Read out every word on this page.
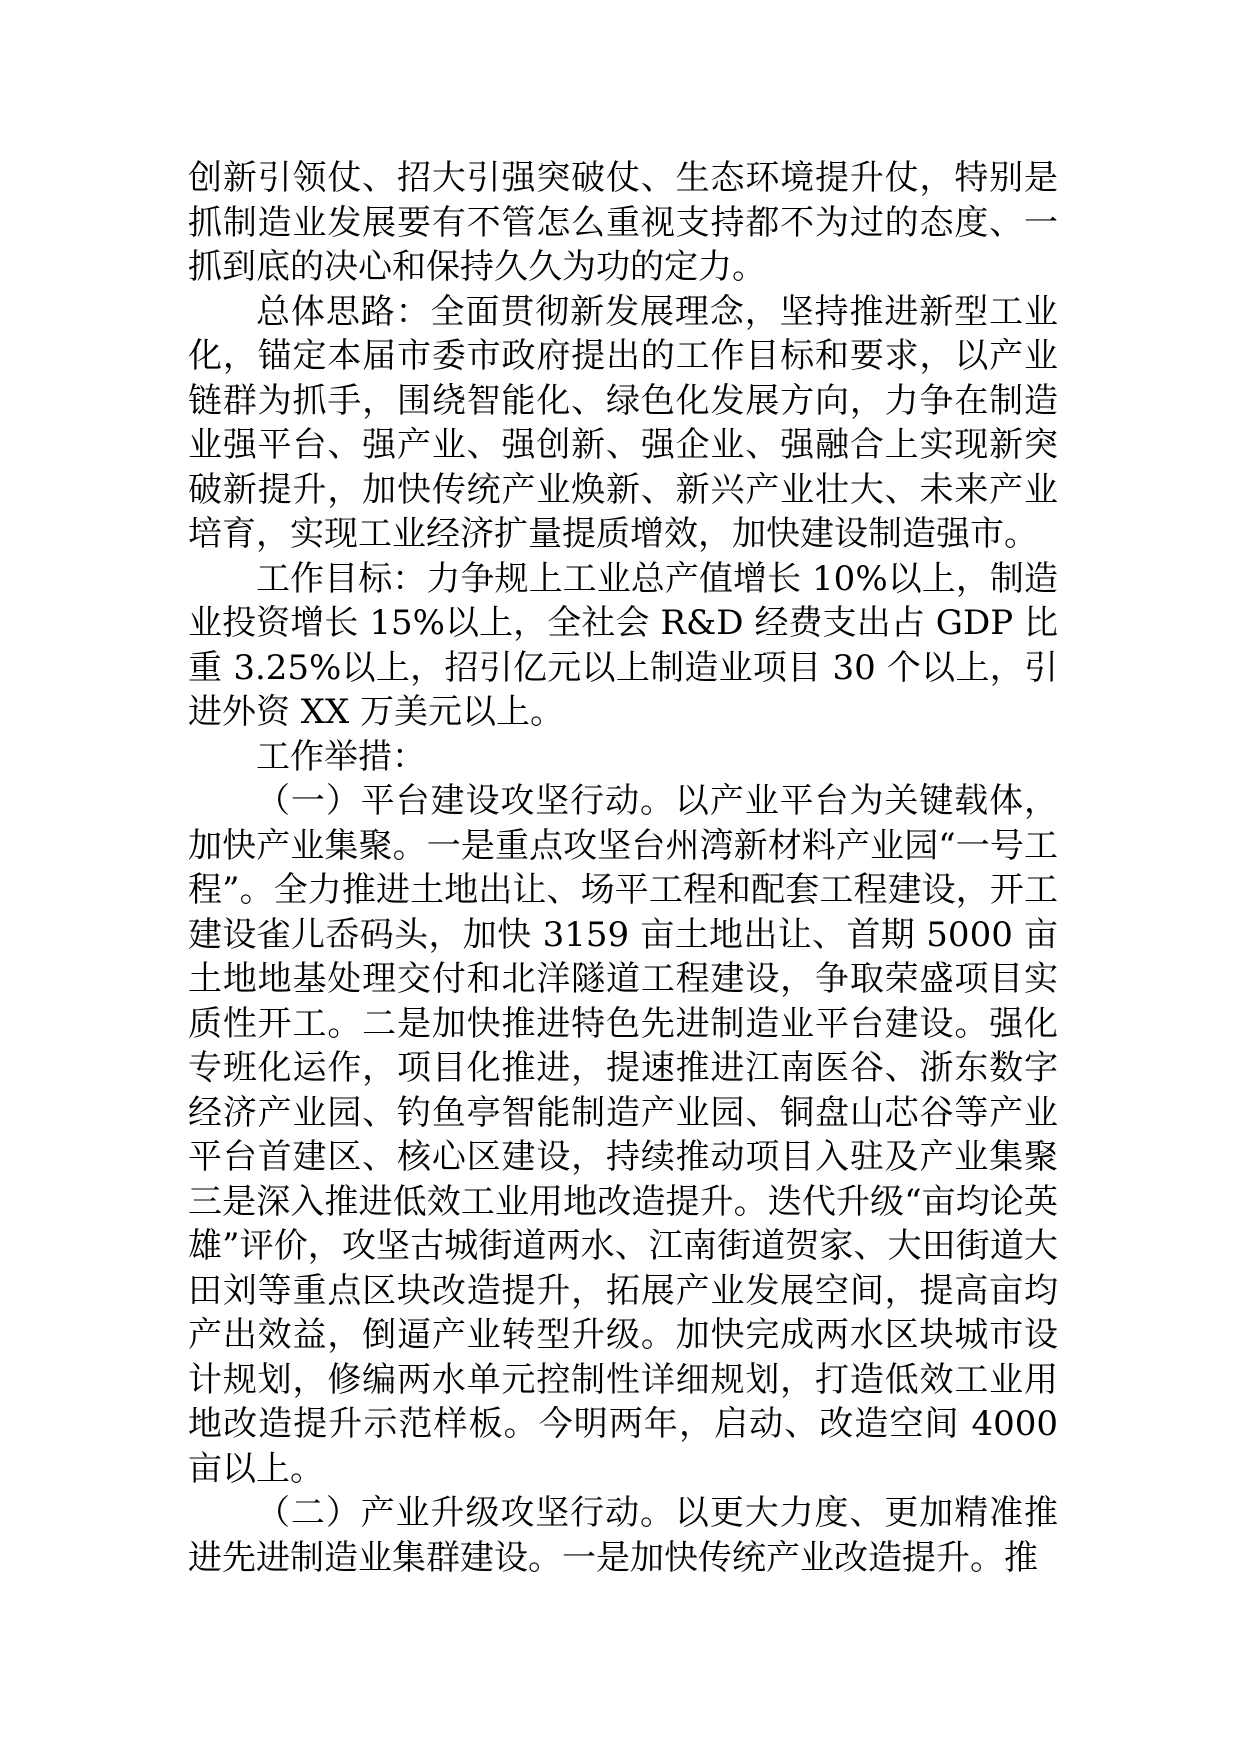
创新引领仗、招大引强突破仗、生态环境提升仗，特别是抓制造业发展要有不管怎么重视支持都不为过的态度、一抓到底的决心和保持久久为功的定力。

总体思路：全面贯彻新发展理念，坚持推进新型工业化，锚定本届市委市政府提出的工作目标和要求，以产业链群为抓手，围绕智能化、绿色化发展方向，力争在制造业强平台、强产业、强创新、强企业、强融合上实现新突破新提升，加快传统产业焕新、新兴产业壮大、未来产业培育，实现工业经济扩量提质增效，加快建设制造强市。

工作目标：力争规上工业总产值增长 10%以上，制造业投资增长 15%以上，全社会 R&D 经费支出占 GDP 比重 3.25%以上，招引亿元以上制造业项目 30 个以上，引进外资 XX 万美元以上。

工作举措：

（一）平台建设攻坚行动。以产业平台为关键载体，加快产业集聚。一是重点攻坚台州湾新材料产业园“一号工程”。全力推进土地出让、场平工程和配套工程建设，开工建设雀儿岙码头，加快 3159 亩土地出让、首期 5000 亩土地地基处理交付和北洋隧道工程建设，争取荣盛项目实质性开工。二是加快推进特色先进制造业平台建设。强化专班化运作，项目化推进，提速推进江南医谷、浙东数字经济产业园、钓鱼亭智能制造产业园、铜盘山芯谷等产业平台首建区、核心区建设，持续推动项目入驻及产业集聚三是深入推进低效工业用地改造提升。迭代升级“亩均论英雄”评价，攻坚古城街道两水、江南街道贺家、大田街道大田刘等重点区块改造提升，拓展产业发展空间，提高亩均产出效益，倒逼产业转型升级。加快完成两水区块城市设计规划，修编两水单元控制性详细规划，打造低效工业用地改造提升示范样板。今明两年，启动、改造空间 4000 亩以上。

（二）产业升级攻坚行动。以更大力度、更加精准推进先进制造业集群建设。一是加快传统产业改造提升。推
